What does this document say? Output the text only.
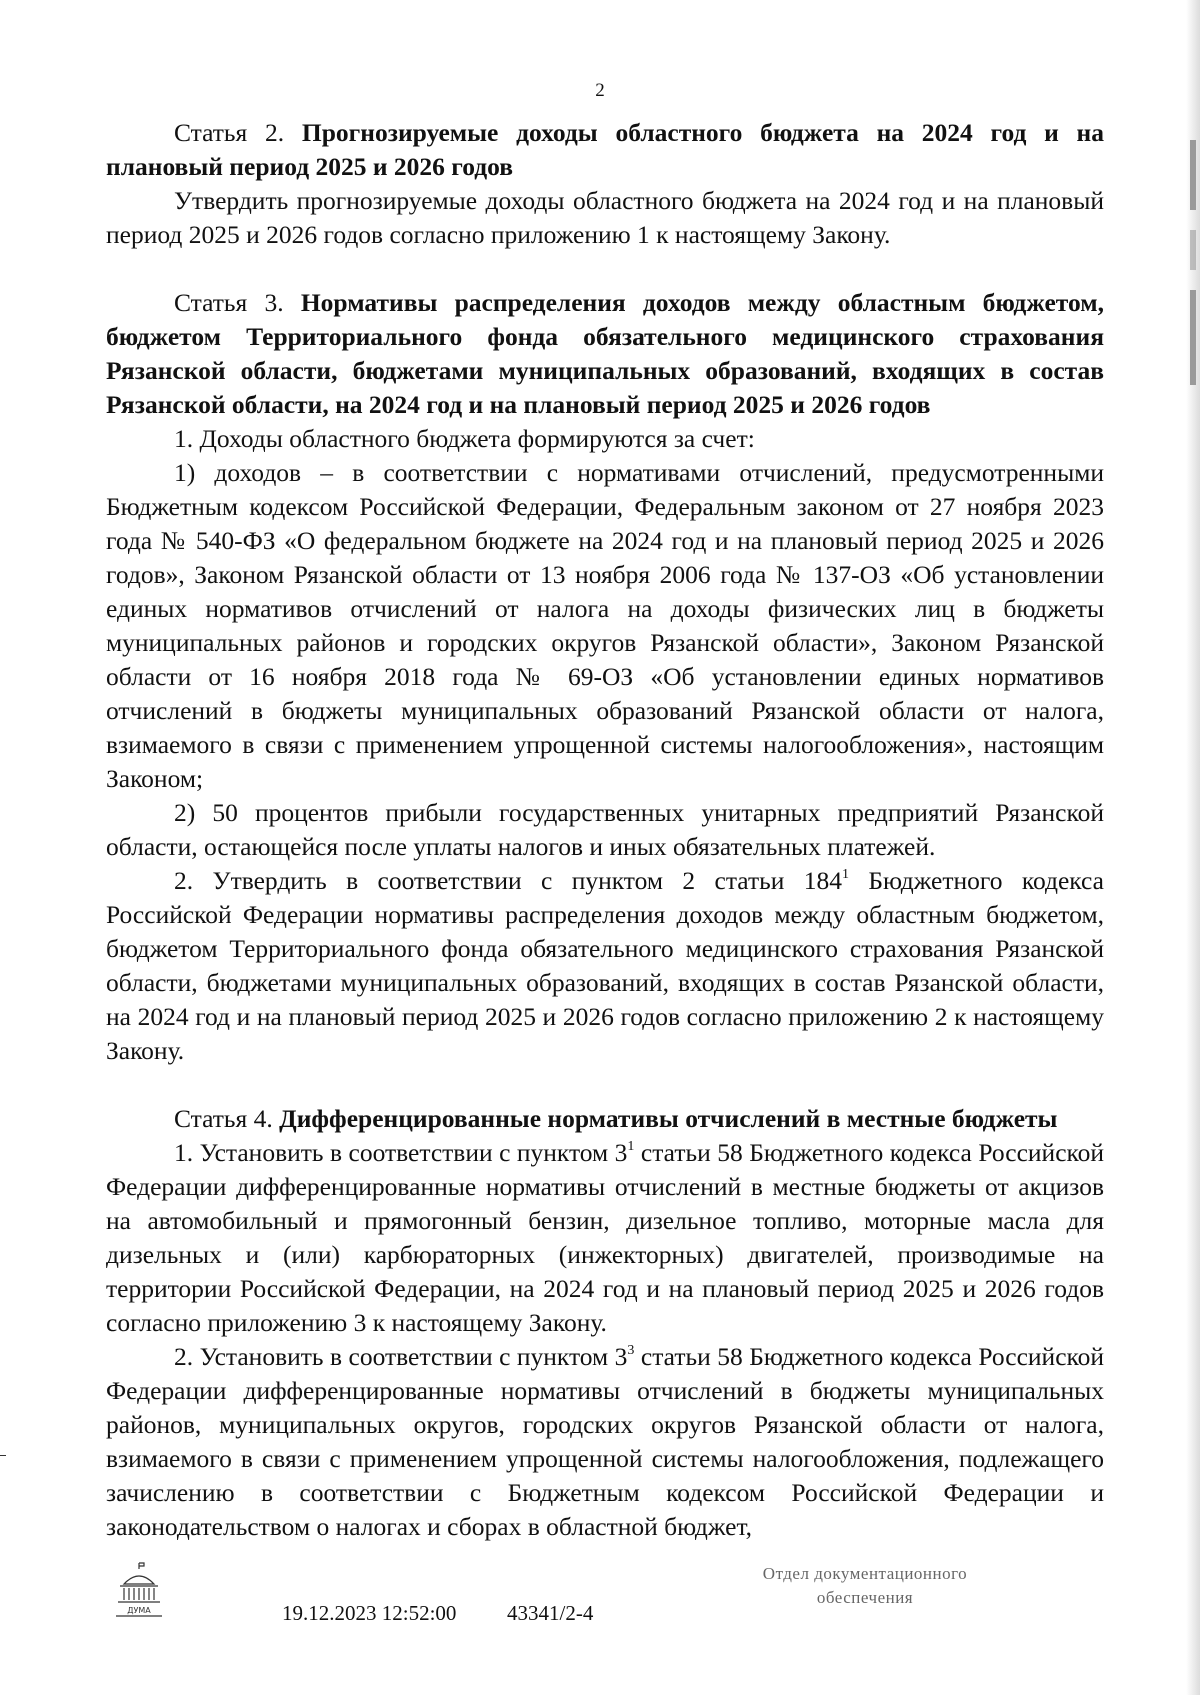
2

Статья 2. Прогнозируемые доходы областного бюджета на 2024 год и на плановый период 2025 и 2026 годов

Утвердить прогнозируемые доходы областного бюджета на 2024 год и на плановый период 2025 и 2026 годов согласно приложению 1 к настоящему Закону.

Статья 3. Нормативы распределения доходов между областным бюджетом, бюджетом Территориального фонда обязательного медицинского страхования Рязанской области, бюджетами муниципальных образований, входящих в состав Рязанской области, на 2024 год и на плановый период 2025 и 2026 годов

1. Доходы областного бюджета формируются за счет:

1) доходов – в соответствии с нормативами отчислений, предусмотренными Бюджетным кодексом Российской Федерации, Федеральным законом от 27 ноября 2023 года № 540-ФЗ «О федеральном бюджете на 2024 год и на плановый период 2025 и 2026 годов», Законом Рязанской области от 13 ноября 2006 года № 137-ОЗ «Об установлении единых нормативов отчислений от налога на доходы физических лиц в бюджеты муниципальных районов и городских округов Рязанской области», Законом Рязанской области от 16 ноября 2018 года № 69-ОЗ «Об установлении единых нормативов отчислений в бюджеты муниципальных образований Рязанской области от налога, взимаемого в связи с применением упрощенной системы налогообложения», настоящим Законом;

2) 50 процентов прибыли государственных унитарных предприятий Рязанской области, остающейся после уплаты налогов и иных обязательных платежей.

2. Утвердить в соответствии с пунктом 2 статьи $184^1$ Бюджетного кодекса Российской Федерации нормативы распределения доходов между областным бюджетом, бюджетом Территориального фонда обязательного медицинского страхования Рязанской области, бюджетами муниципальных образований, входящих в состав Рязанской области, на 2024 год и на плановый период 2025 и 2026 годов согласно приложению 2 к настоящему Закону.

Статья 4. Дифференцированные нормативы отчислений в местные бюджеты

1. Установить в соответствии с пунктом $3^1$ статьи 58 Бюджетного кодекса Российской Федерации дифференцированные нормативы отчислений в местные бюджеты от акцизов на автомобильный и прямогонный бензин, дизельное топливо, моторные масла для дизельных и (или) карбюраторных (инжекторных) двигателей, производимые на территории Российской Федерации, на 2024 год и на плановый период 2025 и 2026 годов согласно приложению 3 к настоящему Закону.

2. Установить в соответствии с пунктом $3^3$ статьи 58 Бюджетного кодекса Российской Федерации дифференцированные нормативы отчислений в бюджеты муниципальных районов, муниципальных округов, городских округов Рязанской области от налога, взимаемого в связи с применением упрощенной системы налогообложения, подлежащего зачислению в соответствии с Бюджетным кодексом Российской Федерации и законодательством о налогах и сборах в областной бюджет,

ДУМА	19.12.2023 12:52:00 43341/2-4
Отдел документационного
обеспечения
